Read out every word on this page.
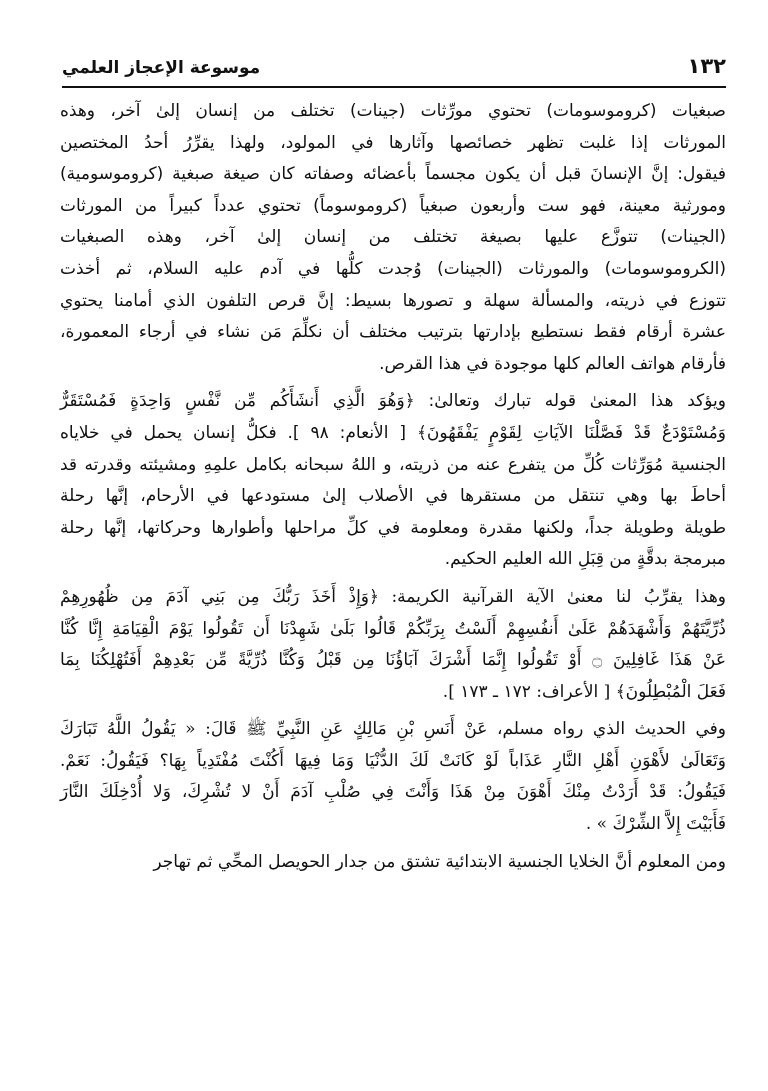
١٣٢
موسوعة الإعجاز العلمي

صبغيات (كروموسومات) تحتوي مورِّثات (جينات) تختلف من إنسان إلىٰ آخر، وهذه
المورثات إذا غلبت تظهر خصائصها وآثارها في المولود، ولهذا يقرِّرُ أحدُ المختصين
فيقول: إنَّ الإنسانَ قبل أن يكون مجسماً بأعضائه وصفاته كان صيغة صبغية (كروموسومية)
ومورثية معينة، فهو ست وأربعون صبغياً (كروموسوماً) تحتوي عدداً كبيراً من المورثات
(الجينات) تتوزَّع عليها بصيغة تختلف من إنسان إلىٰ آخر، وهذه الصبغيات
(الكروموسومات) والمورثات (الجينات) وُجدت كلُّها في آدم عليه السلام، ثم أخذت
تتوزع في ذريته، والمسألة سهلة و تصورها بسيط: إنَّ قرص التلفون الذي أمامنا يحتوي
عشرة أرقام فقط نستطيع بإدارتها بترتيب مختلف أن نكلِّمَ مَن نشاء في أرجاء المعمورة،
فأرقام هواتف العالم كلها موجودة في هذا القرص.

ويؤكد هذا المعنىٰ قوله تبارك وتعالىٰ: ﴿وَهُوَ الَّذِي أَنشَأَكُم مِّن نَّفْسٍ وَاحِدَةٍ فَمُسْتَقَرٌّ
وَمُسْتَوْدَعٌ قَدْ فَصَّلْنَا الآيَاتِ لِقَوْمٍ يَفْقَهُونَ﴾ [ الأنعام: ٩٨ ]. فكلُّ إنسان يحمل في خلاياه
الجنسية مُوَرِّثات كُلِّ من يتفرع عنه من ذريته، و اللهُ سبحانه بكامل علمِهِ ومشيئته وقدرته قد
أحاطَ بها وهي تنتقل من مستقرها في الأصلاب إلىٰ مستودعها في الأرحام، إنَّها رحلة
طويلة وطويلة جداً، ولكنها مقدرة ومعلومة في كلِّ مراحلها وأطوارها وحركاتها، إنَّها رحلة
مبرمجة بدقَّةٍ من قِبَلِ الله العليم الحكيم.

وهذا يقرِّبُ لنا معنىٰ الآية القرآنية الكريمة: ﴿وَإِذْ أَخَذَ رَبُّكَ مِن بَنِي آدَمَ مِن ظُهُورِهِمْ
ذُرِّيَّتَهُمْ وَأَشْهَدَهُمْ عَلَىٰ أَنفُسِهِمْ أَلَسْتُ بِرَبِّكُمْ قَالُوا بَلَىٰ شَهِدْنَا أَن تَقُولُوا يَوْمَ الْقِيَامَةِ إِنَّا كُنَّا
عَنْ هَذَا غَافِلِينَ ۝ أَوْ تَقُولُوا إِنَّمَا أَشْرَكَ آبَاؤُنَا مِن قَبْلُ وَكُنَّا ذُرِّيَّةً مِّن بَعْدِهِمْ أَفَتُهْلِكُنَا بِمَا
فَعَلَ الْمُبْطِلُونَ﴾ [ الأعراف: ١٧٢ ـ ١٧٣ ].

وفي الحديث الذي رواه مسلم، عَنْ أَنَسِ بْنِ مَالِكٍ عَنِ النَّبِيِّ ﷺ قَالَ: « يَقُولُ اللَّهُ تَبَارَكَ
وَتَعَالَىٰ لأَهْوَنِ أَهْلِ النَّارِ عَذَاباً لَوْ كَانَتْ لَكَ الدُّنْيَا وَمَا فِيهَا أَكُنْتَ مُفْتَدِياً بِهَا؟ فَيَقُولُ: نَعَمْ.
فَيَقُولُ: قَدْ أَرَدْتُ مِنْكَ أَهْوَنَ مِنْ هَذَا وَأَنْتَ فِي صُلْبِ آدَمَ أَنْ لا تُشْرِكَ، وَلا أُدْخِلَكَ النَّارَ
فَأَبَيْتَ إِلاَّ الشِّرْكَ » .

ومن المعلوم أنَّ الخلايا الجنسية الابتدائية تشتق من جدار الحويصل المحِّي ثم تهاجر
